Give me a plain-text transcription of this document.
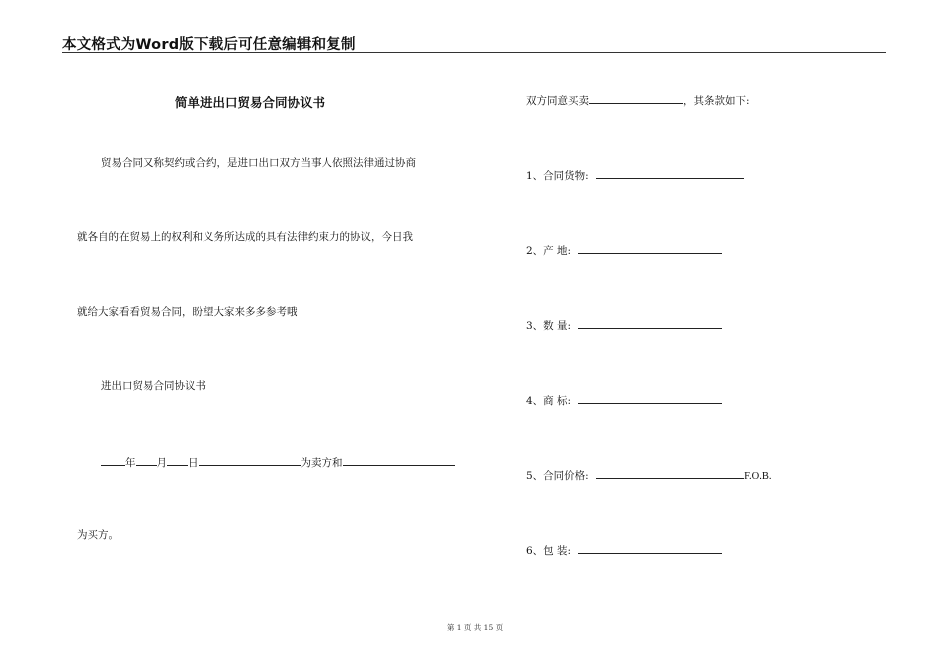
本文格式为Word版下载后可任意编辑和复制
简单进出口贸易合同协议书
贸易合同又称契约或合约，是进口出口双方当事人依照法律通过协商
就各自的在贸易上的权利和义务所达成的具有法律约束力的协议，今日我
就给大家看看贸易合同，盼望大家来多多参考哦
进出口贸易合同协议书
年 月 日	为卖方和
为买方。
双方同意买卖	，其条款如下:
1、合同货物:
2、产 地:
3、数 量:
4、商 标:
5、合同价格:	F.O.B.
6、包 装:
第 1 页 共 15 页
